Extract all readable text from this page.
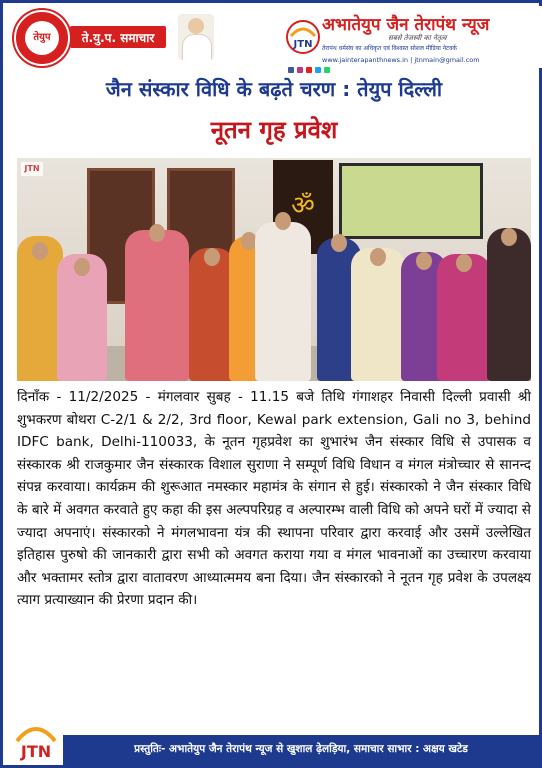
तेयुप	ते.यु.प. समाचार	JTN
अभातेयुप जैन तेरापंथ न्यूज
सबसे तेजस्वी का नेतृत्व
तेरापंथ धर्मसंघ का अधिकृत एवं विश्वस्त सोशल मीडिया नेटवर्क
www.jainterapanthnews.in | jtnmain@gmail.com
जैन संस्कार विधि के बढ़ते चरण : तेयुप दिल्ली
नूतन गृह प्रवेश
ॐ
JTN

दिनाँक - 11/2/2025 - मंगलवार सुबह - 11.15 बजे तिथि गंगाशहर निवासी दिल्ली प्रवासी श्री शुभकरण बोथरा C-2/1 & 2/2, 3rd floor, Kewal park extension, Gali no 3, behind IDFC bank, Delhi-110033, के नूतन गृहप्रवेश का शुभारंभ जैन संस्कार विधि से उपासक व संस्कारक श्री राजकुमार जैन संस्कारक विशाल सुराणा ने सम्पूर्ण विधि विधान व मंगल मंत्रोच्चार से सानन्द संपन्न करवाया। कार्यक्रम की शुरूआत नमस्कार महामंत्र के संगान से हुई। संस्कारको ने जैन संस्कार विधि के बारे में अवगत करवाते हुए कहा की इस अल्पपरिग्रह व अल्पारम्भ वाली विधि को अपने घरों में ज्यादा से ज्यादा अपनाएं। संस्कारको ने मंगलभावना यंत्र की स्थापना परिवार द्वारा करवाई और उसमें उल्लेखित इतिहास पुरुषो की जानकारी द्वारा सभी को अवगत कराया गया व मंगल भावनाओं का उच्चारण करवाया और भक्तामर स्तोत्र द्वारा वातावरण आध्यात्ममय बना दिया। जैन संस्कारको ने नूतन गृह प्रवेश के उपलक्ष्य त्याग प्रत्याख्यान की प्रेरणा प्रदान की।

JTN	प्रस्तुतिः- अभातेयुप जैन तेरापंथ न्यूज से खुशाल ढ़ेलड़िया, समाचार साभार : अक्षय खटेड
